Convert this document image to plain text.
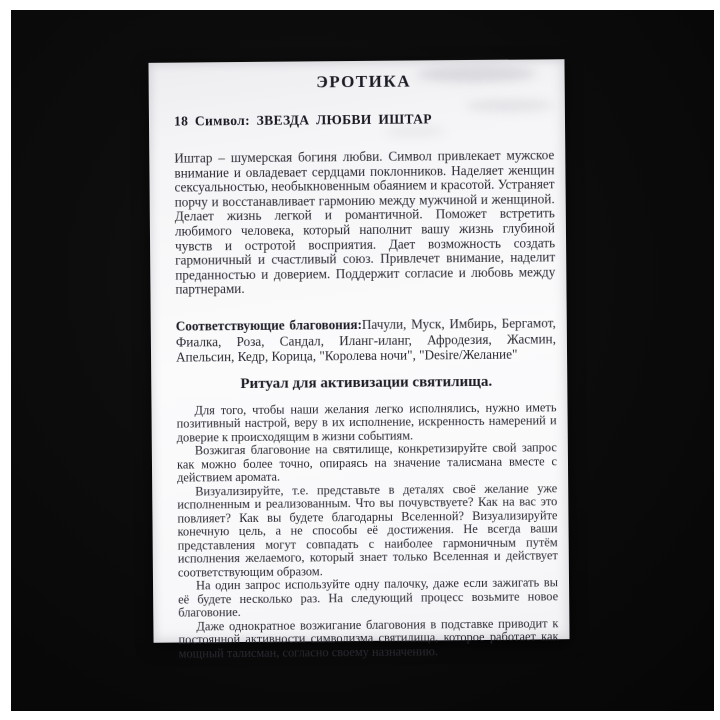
ЭРОТИКА
18 Символ: ЗВЕЗДА ЛЮБВИ ИШТАР

Иштар – шумерская богиня любви. Символ привлекает мужское внимание и овладевает сердцами поклонников. Наделяет женщин сексуальностью, необыкновенным обаянием и красотой. Устраняет порчу и восстанавливает гармонию между мужчиной и женщиной. Делает жизнь легкой и романтичной. Поможет встретить любимого человека, который наполнит вашу жизнь глубиной чувств и остротой восприятия. Дает возможность создать гармоничный и счастливый союз. Привлечет внимание, наделит преданностью и доверием. Поддержит согласие и любовь между партнерами.

Соответствующие благовония:Пачули, Муск, Имбирь, Бергамот, Фиалка, Роза, Сандал, Иланг-иланг, Афродезия, Жасмин, Апельсин, Кедр, Корица, "Королева ночи", "Desire/Желание"

Ритуал для активизации святилища.

Для того, чтобы наши желания легко исполнялись, нужно иметь позитивный настрой, веру в их исполнение, искренность намерений и доверие к происходящим в жизни событиям.

Возжигая благовоние на святилище, конкретизируйте свой запрос как можно более точно, опираясь на значение талисмана вместе с действием аромата.

Визуализируйте, т.е. представьте в деталях своё желание уже исполненным и реализованным. Что вы почувствуете? Как на вас это повлияет? Как вы будете благодарны Вселенной? Визуализируйте конечную цель, а не способы её достижения. Не всегда ваши представления могут совпадать с наиболее гармоничным путём исполнения желаемого, который знает только Вселенная и действует соответствующим образом.

На один запрос используйте одну палочку, даже если зажигать вы её будете несколько раз. На следующий процесс возьмите новое благовоние.

Даже однократное возжигание благовония в подставке приводит к постоянной активности символизма святилища, которое работает как мощный талисман, согласно своему назначению.
